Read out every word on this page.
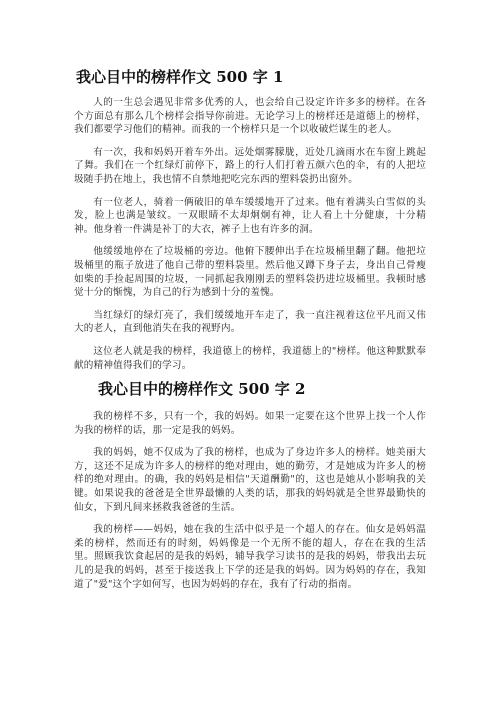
我心目中的榜样作文 500 字 1

人的一生总会遇见非常多优秀的人，也会给自己设定许许多多的榜样。在各个方面总有那么几个榜样会指导你前进。无论学习上的榜样还是道德上的榜样，我们都要学习他们的精神。而我的一个榜样只是一个以收破烂谋生的老人。

有一次，我和妈妈开着车外出。远处烟雾朦胧，近处几滴雨水在车窗上跳起了舞。我们在一个红绿灯前停下，路上的行人们打着五颜六色的伞，有的人把垃圾随手扔在地上，我也情不自禁地把吃完东西的塑料袋扔出窗外。

有一位老人，骑着一俩破旧的单车缓缓地开了过来。他有着满头白雪似的头发，脸上也满是皱纹。一双眼睛不太却炯炯有神，让人看上十分健康，十分精神。他身着一件满是补丁的大衣，裤子上也有许多的洞。

他缓缓地停在了垃圾桶的旁边。他俯下腰伸出手在垃圾桶里翻了翻。他把垃圾桶里的瓶子放进了他自己带的塑料袋里。然后他又蹲下身子去，身出自己骨瘦如柴的手捡起周围的垃圾，一同抓起我刚刚丢的塑料袋扔进垃圾桶里。我顿时感觉十分的惭愧，为自己的行为感到十分的羞愧。

当红绿灯的绿灯亮了，我们缓缓地开车走了，我一直注视着这位平凡而又伟大的老人，直到他消失在我的视野内。

这位老人就是我的榜样，我道德上的榜样，我道德上的"榜样。他这种默默奉献的精神值得我们的学习。

我心目中的榜样作文 500 字 2

我的榜样不多，只有一个，我的妈妈。如果一定要在这个世界上找一个人作为我的榜样的话，那一定是我的妈妈。

我的妈妈，她不仅成为了我的榜样，也成为了身边许多人的榜样。她美丽大方，这还不足成为许多人的榜样的绝对理由，她的勤劳，才是她成为许多人的榜样的绝对理由。的确，我的妈妈是相信"天道酬勤"的，这也是她从小影响我的关键。如果说我的爸爸是全世界最懒的人类的话，那我的妈妈就是全世界最勤快的仙女，下到凡间来拯救我爸爸的生活。

我的榜样——妈妈，她在我的生活中似乎是一个超人的存在。仙女是妈妈温柔的榜样，然而还有的时刻，妈妈像是一个无所不能的超人，存在在我的生活里。照顾我饮食起居的是我的妈妈，辅导我学习读书的是我的妈妈，带我出去玩儿的是我的妈妈，甚至于接送我上下学的还是我的妈妈。因为妈妈的存在，我知道了"爱"这个字如何写，也因为妈妈的存在，我有了行动的指南。
